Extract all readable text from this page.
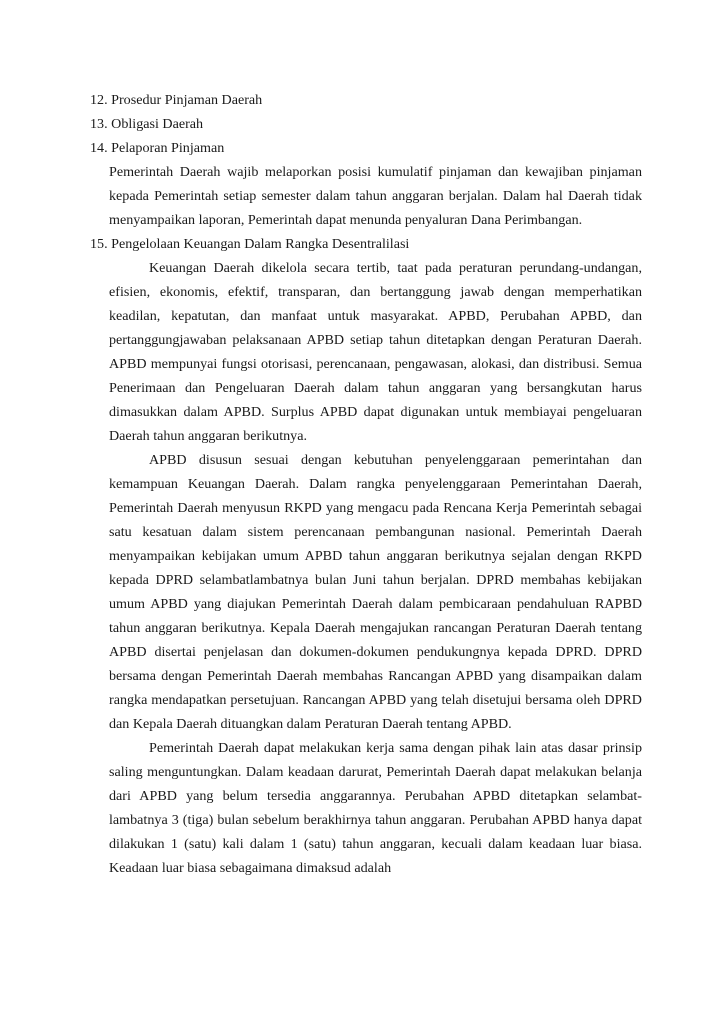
12. Prosedur Pinjaman Daerah
13. Obligasi Daerah
14. Pelaporan Pinjaman

Pemerintah Daerah wajib melaporkan posisi kumulatif pinjaman dan kewajiban pinjaman kepada Pemerintah setiap semester dalam tahun anggaran berjalan. Dalam hal Daerah tidak menyampaikan laporan, Pemerintah dapat menunda penyaluran Dana Perimbangan.

15. Pengelolaan Keuangan Dalam Rangka Desentralilasi

Keuangan Daerah dikelola secara tertib, taat pada peraturan perundang-undangan, efisien, ekonomis, efektif, transparan, dan bertanggung jawab dengan memperhatikan keadilan, kepatutan, dan manfaat untuk masyarakat. APBD, Perubahan APBD, dan pertanggungjawaban pelaksanaan APBD setiap tahun ditetapkan dengan Peraturan Daerah. APBD mempunyai fungsi otorisasi, perencanaan, pengawasan, alokasi, dan distribusi. Semua Penerimaan dan Pengeluaran Daerah dalam tahun anggaran yang bersangkutan harus dimasukkan dalam APBD. Surplus APBD dapat digunakan untuk membiayai pengeluaran Daerah tahun anggaran berikutnya.

APBD disusun sesuai dengan kebutuhan penyelenggaraan pemerintahan dan kemampuan Keuangan Daerah. Dalam rangka penyelenggaraan Pemerintahan Daerah, Pemerintah Daerah menyusun RKPD yang mengacu pada Rencana Kerja Pemerintah sebagai satu kesatuan dalam sistem perencanaan pembangunan nasional. Pemerintah Daerah menyampaikan kebijakan umum APBD tahun anggaran berikutnya sejalan dengan RKPD kepada DPRD selambatlambatnya bulan Juni tahun berjalan. DPRD membahas kebijakan umum APBD yang diajukan Pemerintah Daerah dalam pembicaraan pendahuluan RAPBD tahun anggaran berikutnya. Kepala Daerah mengajukan rancangan Peraturan Daerah tentang APBD disertai penjelasan dan dokumen-dokumen pendukungnya kepada DPRD. DPRD bersama dengan Pemerintah Daerah membahas Rancangan APBD yang disampaikan dalam rangka mendapatkan persetujuan. Rancangan APBD yang telah disetujui bersama oleh DPRD dan Kepala Daerah dituangkan dalam Peraturan Daerah tentang APBD.

Pemerintah Daerah dapat melakukan kerja sama dengan pihak lain atas dasar prinsip saling menguntungkan. Dalam keadaan darurat, Pemerintah Daerah dapat melakukan belanja dari APBD yang belum tersedia anggarannya. Perubahan APBD ditetapkan selambat-lambatnya 3 (tiga) bulan sebelum berakhirnya tahun anggaran. Perubahan APBD hanya dapat dilakukan 1 (satu) kali dalam 1 (satu) tahun anggaran, kecuali dalam keadaan luar biasa. Keadaan luar biasa sebagaimana dimaksud adalah
